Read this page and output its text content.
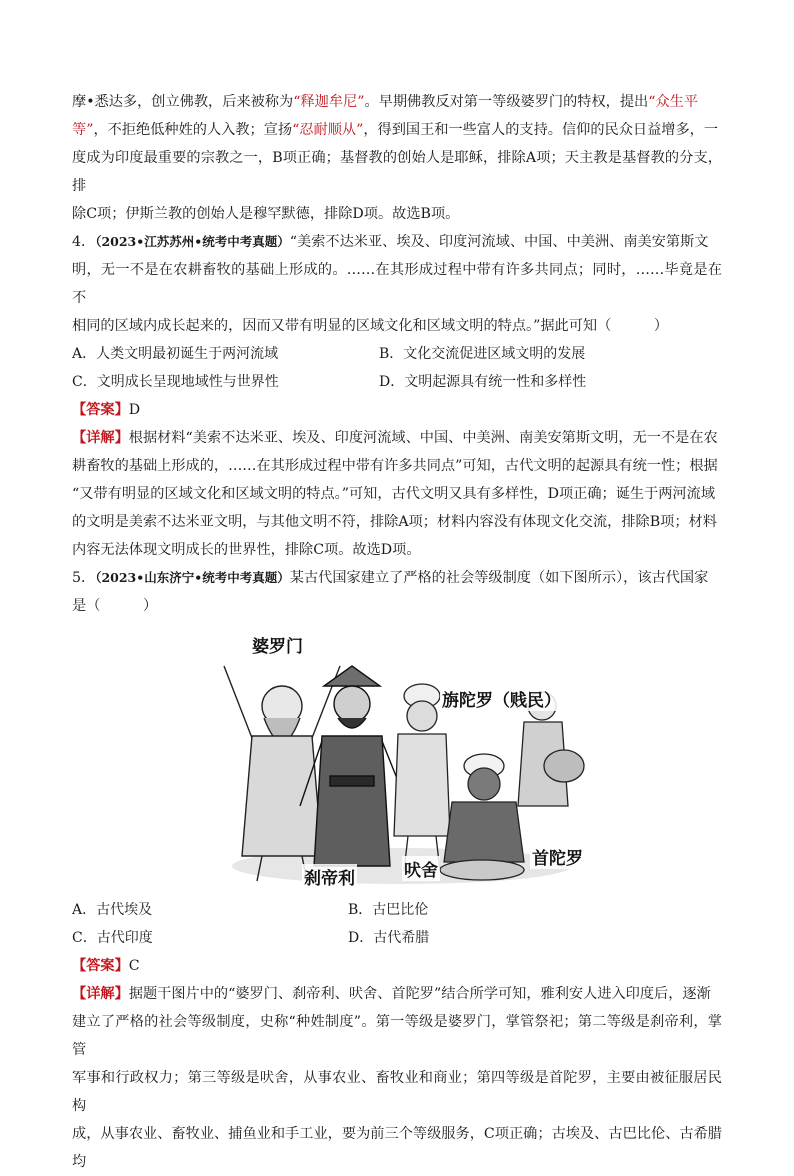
摩•悉达多，创立佛教，后来被称为“释迦牟尼”。早期佛教反对第一等级婆罗门的特权，提出“众生平

等”，不拒绝低种姓的人入教；宣扬“忍耐顺从”，得到国王和一些富人的支持。信仰的民众日益增多，一

度成为印度最重要的宗教之一，B项正确；基督教的创始人是耶稣，排除A项；天主教是基督教的分支，排

除C项；伊斯兰教的创始人是穆罕默德，排除D项。故选B项。

4．（2023•江苏苏州•统考中考真题）“美索不达米亚、埃及、印度河流域、中国、中美洲、南美安第斯文

明，无一不是在农耕畜牧的基础上形成的。……在其形成过程中带有许多共同点；同时，……毕竟是在不

相同的区域内成长起来的，因而又带有明显的区域文化和区域文明的特点。”据此可知（　　　）

A．人类文明最初诞生于两河流域	B．文化交流促进区域文明的发展
C．文明成长呈现地域性与世界性	D．文明起源具有统一性和多样性

【答案】D

【详解】根据材料“美索不达米亚、埃及、印度河流域、中国、中美洲、南美安第斯文明，无一不是在农

耕畜牧的基础上形成的，……在其形成过程中带有许多共同点”可知，古代文明的起源具有统一性；根据

“又带有明显的区域文化和区域文明的特点。”可知，古代文明又具有多样性，D项正确；诞生于两河流域

的文明是美索不达米亚文明，与其他文明不符，排除A项；材料内容没有体现文化交流，排除B项；材料

内容无法体现文明成长的世界性，排除C项。故选D项。

5．（2023•山东济宁•统考中考真题）某古代国家建立了严格的社会等级制度（如下图所示），该古代国家

是（　　　）

婆罗门
旃陀罗（贱民）
刹帝利	吠舍
首陀罗
A．古代埃及	B．古巴比伦
C．古代印度	D．古代希腊

【答案】C

【详解】据题干图片中的“婆罗门、刹帝利、吠舍、首陀罗”结合所学可知，雅利安人进入印度后，逐渐

建立了严格的社会等级制度，史称“种姓制度”。第一等级是婆罗门，掌管祭祀；第二等级是刹帝利，掌管

军事和行政权力；第三等级是吠舍，从事农业、畜牧业和商业；第四等级是首陀罗，主要由被征服居民构

成，从事农业、畜牧业、捕鱼业和手工业，要为前三个等级服务，C项正确；古埃及、古巴比伦、古希腊均
